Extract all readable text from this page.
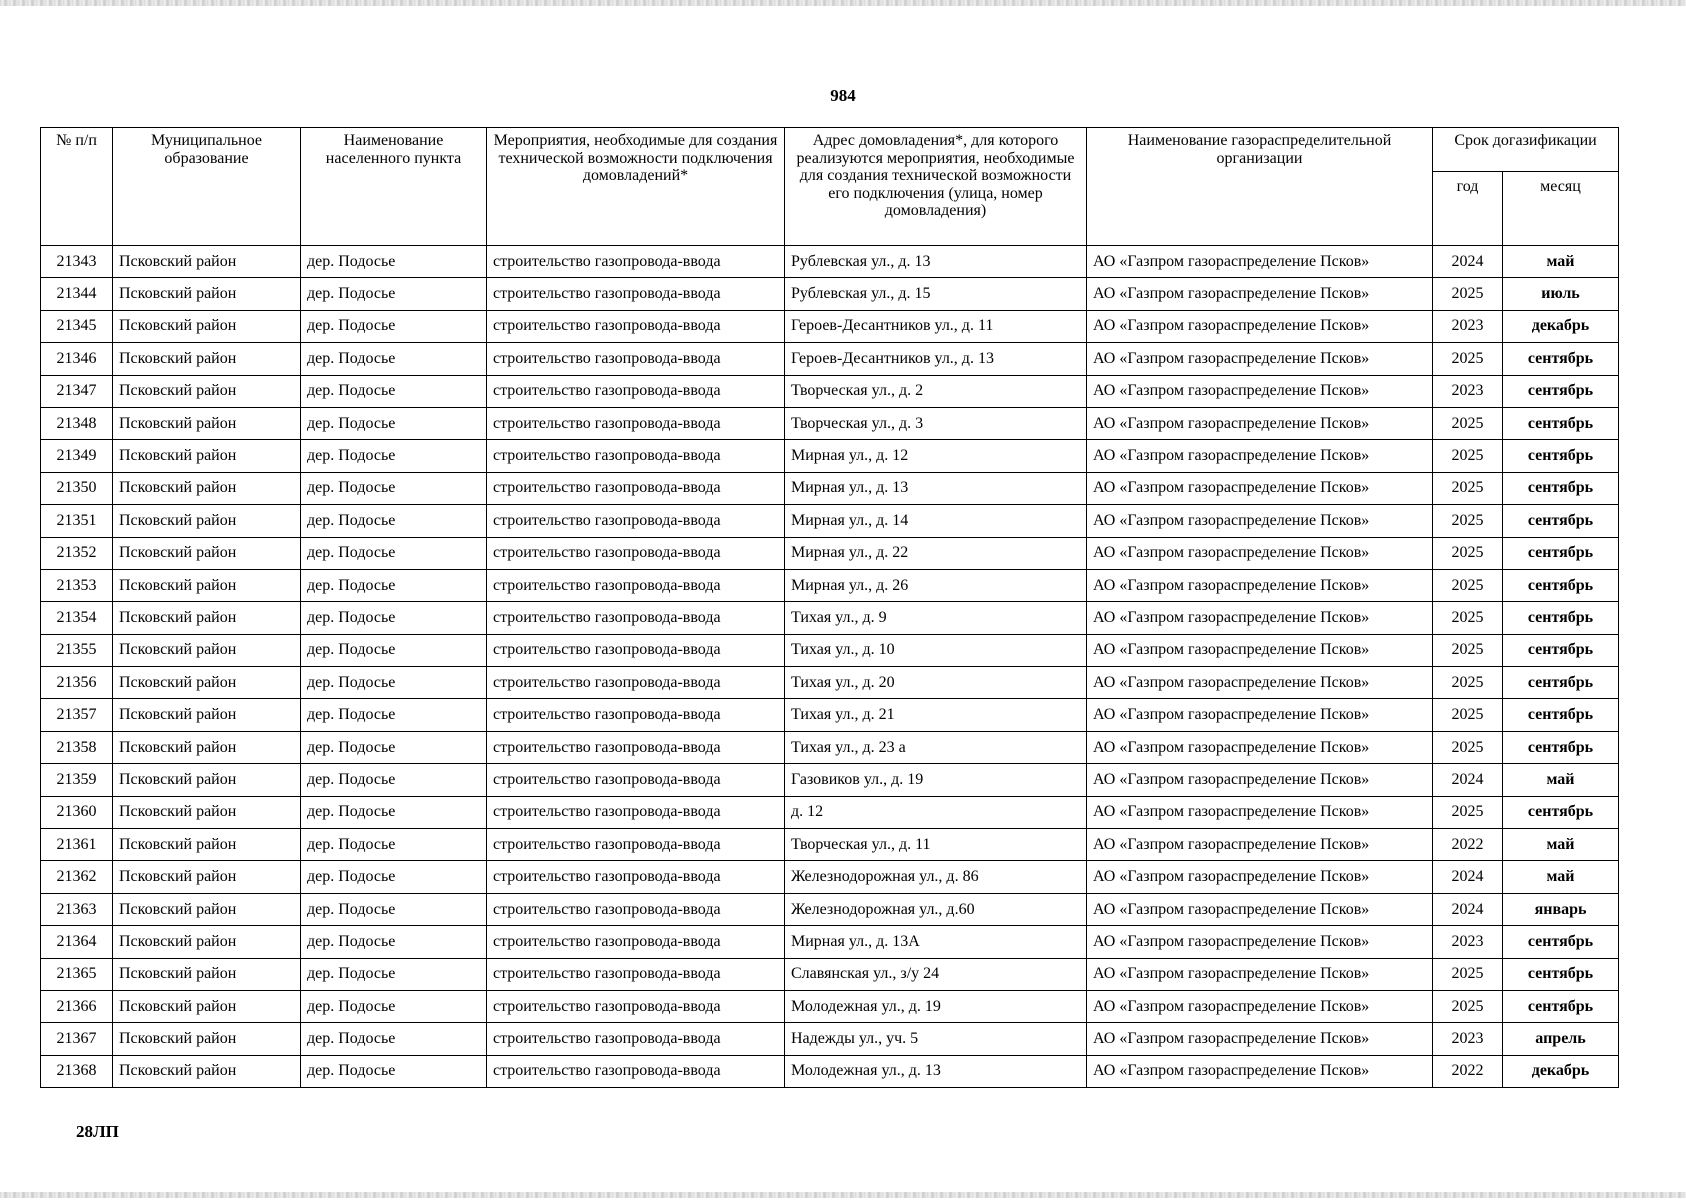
984
№ п/п	Муниципальное образование	Наименование населенного пункта	Мероприятия, необходимые для создания технической возможности подключения домовладений*	Адрес домовладения*, для которого реализуются мероприятия, необходимые для создания технической возможности его подключения (улица, номер домовладения)	Наименование газораспределительной организации	Срок догазификации	
						год	месяц
21343	Псковский район	дер. Подосье	строительство газопровода-ввода	Рублевская ул., д. 13	АО «Газпром газораспределение Псков»	2024	май
21344	Псковский район	дер. Подосье	строительство газопровода-ввода	Рублевская ул., д. 15	АО «Газпром газораспределение Псков»	2025	июль
21345	Псковский район	дер. Подосье	строительство газопровода-ввода	Героев-Десантников ул., д. 11	АО «Газпром газораспределение Псков»	2023	декабрь
21346	Псковский район	дер. Подосье	строительство газопровода-ввода	Героев-Десантников ул., д. 13	АО «Газпром газораспределение Псков»	2025	сентябрь
21347	Псковский район	дер. Подосье	строительство газопровода-ввода	Творческая ул., д. 2	АО «Газпром газораспределение Псков»	2023	сентябрь
21348	Псковский район	дер. Подосье	строительство газопровода-ввода	Творческая ул., д. 3	АО «Газпром газораспределение Псков»	2025	сентябрь
21349	Псковский район	дер. Подосье	строительство газопровода-ввода	Мирная ул., д. 12	АО «Газпром газораспределение Псков»	2025	сентябрь
21350	Псковский район	дер. Подосье	строительство газопровода-ввода	Мирная ул., д. 13	АО «Газпром газораспределение Псков»	2025	сентябрь
21351	Псковский район	дер. Подосье	строительство газопровода-ввода	Мирная ул., д. 14	АО «Газпром газораспределение Псков»	2025	сентябрь
21352	Псковский район	дер. Подосье	строительство газопровода-ввода	Мирная ул., д. 22	АО «Газпром газораспределение Псков»	2025	сентябрь
21353	Псковский район	дер. Подосье	строительство газопровода-ввода	Мирная ул., д. 26	АО «Газпром газораспределение Псков»	2025	сентябрь
21354	Псковский район	дер. Подосье	строительство газопровода-ввода	Тихая ул., д. 9	АО «Газпром газораспределение Псков»	2025	сентябрь
21355	Псковский район	дер. Подосье	строительство газопровода-ввода	Тихая ул., д. 10	АО «Газпром газораспределение Псков»	2025	сентябрь
21356	Псковский район	дер. Подосье	строительство газопровода-ввода	Тихая ул., д. 20	АО «Газпром газораспределение Псков»	2025	сентябрь
21357	Псковский район	дер. Подосье	строительство газопровода-ввода	Тихая ул., д. 21	АО «Газпром газораспределение Псков»	2025	сентябрь
21358	Псковский район	дер. Подосье	строительство газопровода-ввода	Тихая ул., д. 23 а	АО «Газпром газораспределение Псков»	2025	сентябрь
21359	Псковский район	дер. Подосье	строительство газопровода-ввода	Газовиков ул., д. 19	АО «Газпром газораспределение Псков»	2024	май
21360	Псковский район	дер. Подосье	строительство газопровода-ввода	д. 12	АО «Газпром газораспределение Псков»	2025	сентябрь
21361	Псковский район	дер. Подосье	строительство газопровода-ввода	Творческая ул., д. 11	АО «Газпром газораспределение Псков»	2022	май
21362	Псковский район	дер. Подосье	строительство газопровода-ввода	Железнодорожная ул., д. 86	АО «Газпром газораспределение Псков»	2024	май
21363	Псковский район	дер. Подосье	строительство газопровода-ввода	Железнодорожная ул., д.60	АО «Газпром газораспределение Псков»	2024	январь
21364	Псковский район	дер. Подосье	строительство газопровода-ввода	Мирная ул., д. 13А	АО «Газпром газораспределение Псков»	2023	сентябрь
21365	Псковский район	дер. Подосье	строительство газопровода-ввода	Славянская ул., з/у 24	АО «Газпром газораспределение Псков»	2025	сентябрь
21366	Псковский район	дер. Подосье	строительство газопровода-ввода	Молодежная ул., д. 19	АО «Газпром газораспределение Псков»	2025	сентябрь
21367	Псковский район	дер. Подосье	строительство газопровода-ввода	Надежды ул., уч. 5	АО «Газпром газораспределение Псков»	2023	апрель
21368	Псковский район	дер. Подосье	строительство газопровода-ввода	Молодежная ул., д. 13	АО «Газпром газораспределение Псков»	2022	декабрь
28ЛП
